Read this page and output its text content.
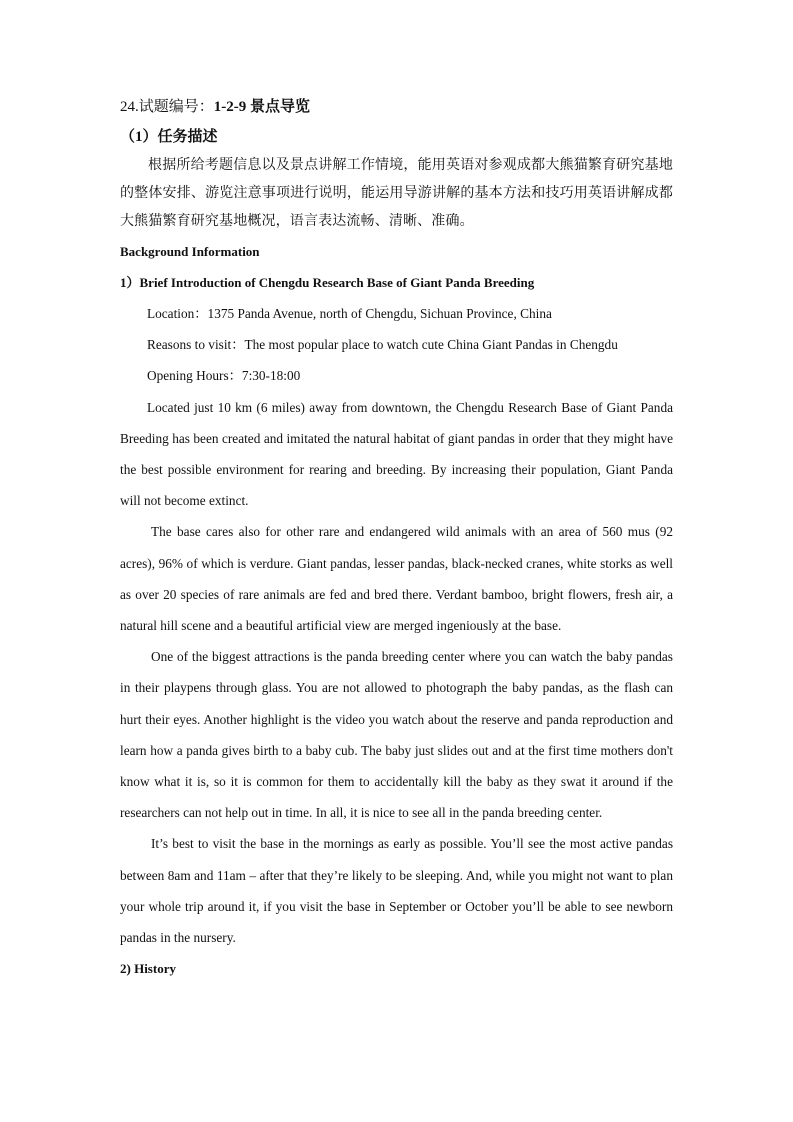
24.试题编号：1-2-9 景点导览

（1）任务描述

根据所给考题信息以及景点讲解工作情境，能用英语对参观成都大熊猫繁育研究基地的整体安排、游览注意事项进行说明，能运用导游讲解的基本方法和技巧用英语讲解成都大熊猫繁育研究基地概况，语言表达流畅、清晰、准确。

Background Information

1）Brief Introduction of Chengdu Research Base of Giant Panda Breeding

Location：1375 Panda Avenue, north of Chengdu, Sichuan Province, China

Reasons to visit：The most popular place to watch cute China Giant Pandas in Chengdu

Opening Hours：7:30-18:00

Located just 10 km (6 miles) away from downtown, the Chengdu Research Base of Giant Panda Breeding has been created and imitated the natural habitat of giant pandas in order that they might have the best possible environment for rearing and breeding. By increasing their population, Giant Panda will not become extinct.

The base cares also for other rare and endangered wild animals with an area of 560 mus (92 acres), 96% of which is verdure. Giant pandas, lesser pandas, black-necked cranes, white storks as well as over 20 species of rare animals are fed and bred there. Verdant bamboo, bright flowers, fresh air, a natural hill scene and a beautiful artificial view are merged ingeniously at the base.

One of the biggest attractions is the panda breeding center where you can watch the baby pandas in their playpens through glass. You are not allowed to photograph the baby pandas, as the flash can hurt their eyes. Another highlight is the video you watch about the reserve and panda reproduction and learn how a panda gives birth to a baby cub. The baby just slides out and at the first time mothers don't know what it is, so it is common for them to accidentally kill the baby as they swat it around if the researchers can not help out in time. In all, it is nice to see all in the panda breeding center.

It’s best to visit the base in the mornings as early as possible. You’ll see the most active pandas between 8am and 11am – after that they’re likely to be sleeping. And, while you might not want to plan your whole trip around it, if you visit the base in September or October you’ll be able to see newborn pandas in the nursery.

2) History
